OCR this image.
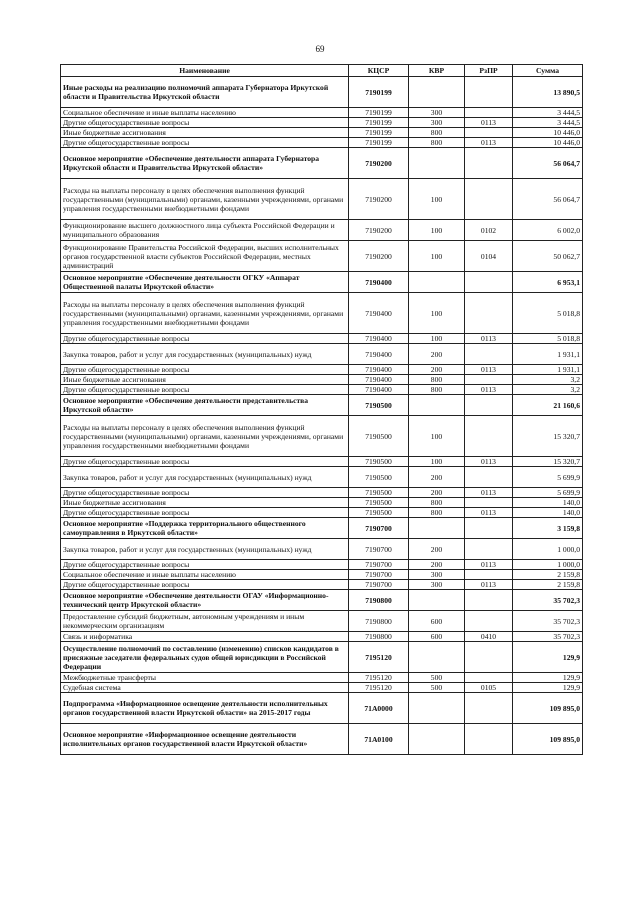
69
Наименование	КЦСР	КВР	РзПР	Сумма
Иные расходы на реализацию полномочий аппарата Губернатора Иркутской области и Правительства Иркутской области	7190199			13 890,5
Социальное обеспечение и иные выплаты населению	7190199	300		3 444,5
Другие общегосударственные вопросы	7190199	300	0113	3 444,5
Иные бюджетные ассигнования	7190199	800		10 446,0
Другие общегосударственные вопросы	7190199	800	0113	10 446,0
Основное мероприятие «Обеспечение деятельности аппарата Губернатора Иркутской области и Правительства Иркутской области»	7190200			56 064,7
Расходы на выплаты персоналу в целях обеспечения выполнения функций государственными (муниципальными) органами, казенными учреждениями, органами управления государственными внебюджетными фондами	7190200	100		56 064,7
Функционирование высшего должностного лица субъекта Российской Федерации и муниципального образования	7190200	100	0102	6 002,0
Функционирование Правительства Российской Федерации, высших исполнительных органов государственной власти субъектов Российской Федерации, местных администраций	7190200	100	0104	50 062,7
Основное мероприятие «Обеспечение деятельности ОГКУ «Аппарат Общественной палаты Иркутской области»	7190400			6 953,1
Расходы на выплаты персоналу в целях обеспечения выполнения функций государственными (муниципальными) органами, казенными учреждениями, органами управления государственными внебюджетными фондами	7190400	100		5 018,8
Другие общегосударственные вопросы	7190400	100	0113	5 018,8
Закупка товаров, работ и услуг для государственных (муниципальных) нужд	7190400	200		1 931,1
Другие общегосударственные вопросы	7190400	200	0113	1 931,1
Иные бюджетные ассигнования	7190400	800		3,2
Другие общегосударственные вопросы	7190400	800	0113	3,2
Основное мероприятие «Обеспечение деятельности представительства Иркутской области»	7190500			21 160,6
Расходы на выплаты персоналу в целях обеспечения выполнения функций государственными (муниципальными) органами, казенными учреждениями, органами управления государственными внебюджетными фондами	7190500	100		15 320,7
Другие общегосударственные вопросы	7190500	100	0113	15 320,7
Закупка товаров, работ и услуг для государственных (муниципальных) нужд	7190500	200		5 699,9
Другие общегосударственные вопросы	7190500	200	0113	5 699,9
Иные бюджетные ассигнования	7190500	800		140,0
Другие общегосударственные вопросы	7190500	800	0113	140,0
Основное мероприятие «Поддержка территориального общественного самоуправления в Иркутской области»	7190700			3 159,8
Закупка товаров, работ и услуг для государственных (муниципальных) нужд	7190700	200		1 000,0
Другие общегосударственные вопросы	7190700	200	0113	1 000,0
Социальное обеспечение и иные выплаты населению	7190700	300		2 159,8
Другие общегосударственные вопросы	7190700	300	0113	2 159,8
Основное мероприятие «Обеспечение деятельности ОГАУ «Информационно-технический центр Иркутской области»	7190800			35 702,3
Предоставление субсидий бюджетным, автономным учреждениям и иным некоммерческим организациям	7190800	600		35 702,3
Связь и информатика	7190800	600	0410	35 702,3
Осуществление полномочий по составлению (изменению) списков кандидатов в присяжные заседатели федеральных судов общей юрисдикции в Российской Федерации	7195120			129,9
Межбюджетные трансферты	7195120	500		129,9
Судебная система	7195120	500	0105	129,9
Подпрограмма «Информационное освещение деятельности исполнительных органов государственной власти Иркутской области» на 2015-2017 годы	71А0000			109 895,0
Основное мероприятие «Информационное освещение деятельности исполнительных органов государственной власти Иркутской области»	71А0100			109 895,0
